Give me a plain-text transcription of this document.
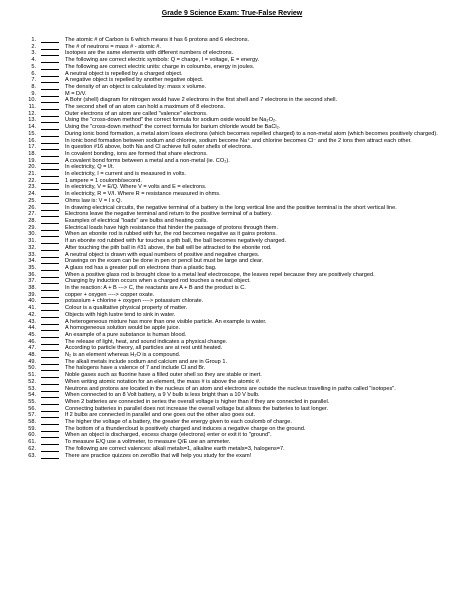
Grade 9 Science Exam: True-False Review
1.	The atomic # of Carbon is 6 which means it has 6 protons and 6 electrons.
2.	The # of neutrons = mass # - atomic #.
3.	Isotopes are the same elements with different numbers of electrons.
4.	The following are correct electric symbols: Q = charge, I = voltage, E = energy.
5.	The following are correct electric units: charge in coloumbs, energy in joules.
6.	A neutral object is repelled by a charged object.
7.	A negative object is repelled by another negative object.
8.	The density of an object is calculated by: mass x volume.
9.	M = D/V.
10.	A Bohr (shell) diagram for nitrogen would have 2 electrons in the first shell and 7 electrons in the second shell.
11.	The second shell of an atom can hold a maximum of 8 electrons.
12.	Outer electrons of an atom are called "valence" electrons.
13.	Using the "cross-down method" the correct formula for sodium oxide would be Na₂O₂.
14.	Using the "cross-down method" the correct formula for barium chloride would be BaCl₂.
15.	During ionic bond formation, a metal atom loses electrons (which becomes repelled charged) to a non-metal atom (which becomes positively charged).
16.	In ionic bond formation between sodium and chlorine, sodium become Na⁺ and chlorine becomes Cl⁻ and the 2 ions then attract each other.
17.	In question #16 above, both Na and Cl achieve full outer shells of electrons.
18.	In covalent bonding, ions are formed that share electrons.
19.	A covalent bond forms between a metal and a non-metal (ie. CO₂).
20.	In electricity, Q = I/t.
21.	In electricity, I = current and is measured in volts.
22.	1 ampere = 1 coulomb/second.
23.	In electricity, V = E/Q. Where V = volts and E = electrons.
24.	In electricity, R = V/I. Where R = resistance measured in ohms.
25.	Ohms law is: V = I x Q.
26.	In drawing electrical circuits, the negative terminal of a battery is the long vertical line and the positive terminal is the short vertical line.
27.	Electrons leave the negative terminal and return to the positive terminal of a battery.
28.	Examples of electrical "loads" are bulbs and heating coils.
29.	Electrical loads have high resistance that hinder the passage of protons through them.
30.	When an ebonite rod is rubbed with fur, the rod becomes negative as it gains protons.
31.	If an ebonite rod rubbed with fur touches a pith ball, the ball becomes negatively charged.
32.	After touching the pith ball in #31 above, the ball will be attracted to the ebonite rod.
33.	A neutral object is drawn with equal numbers of positive and negative charges.
34.	Drawings on the exam can be done in pen or pencil but must be large and clear.
35.	A glass rod has a greater pull on electrons than a plastic bag.
36.	When a positive glass rod is brought close to a metal leaf electroscope, the leaves repel because they are positively charged.
37.	Charging by induction occurs when a charged rod touches a neutral object.
38.	In the reaction: A + B ---> C, the reactants are A + B and the product is C.
39.	copper + oxygen ----> copper oxate.
40.	potassium + chlorine + oxygen ----> potassium chlorate.
41.	Colour is a qualitative physical property of matter.
42.	Objects with high lustre tend to sink in water.
43.	A heterogeneous mixture has more than one visible particle. An example is water.
44.	A homogeneous solution would be apple juice.
45.	An example of a pure substance is human blood.
46.	The release of light, heat, and sound indicates a physical change.
47.	According to particle theory, all particles are at rest until heated.
48.	N₂ is an element whereas H₂O is a compound.
49.	The alkali metals include sodium and calcium and are in Group 1.
50.	The halogens have a valence of 7 and include Cl and Br.
51.	Noble gases such as fluorine have a filled outer shell so they are stable or inert.
52.	When writing atomic notation for an element, the mass # is above the atomic #.
53.	Neutrons and protons are located in the nucleus of an atom and electrons are outside the nucleus travelling in paths called "isotopes".
54.	When connected to an 8 Volt battery, a 9 V bulb is less bright than a 10 V bulb.
55.	When 2 batteries are connected in series the overall voltage is higher than if they are connected in parallel.
56.	Connecting batteries in parallel does not increase the overall voltage but allows the batteries to last longer.
57.	If 2 bulbs are connected in parallel and one goes out the other also goes out.
58.	The higher the voltage of a battery, the greater the energy given to each coulomb of charge.
59.	The bottom of a thundercloud is positively charged and induces a negative charge on the ground.
60.	When an object is discharged, excess charge (electrons) enter or exit it to "ground".
61.	To measure E/Q use a voltmeter, to measure Q/E use an ammeter.
62.	The following are correct valences: alkali metals=1, alkaline earth metals=3, halogens=7.
63.	There are practice quizzes on zeroBio that will help you study for the exam!
